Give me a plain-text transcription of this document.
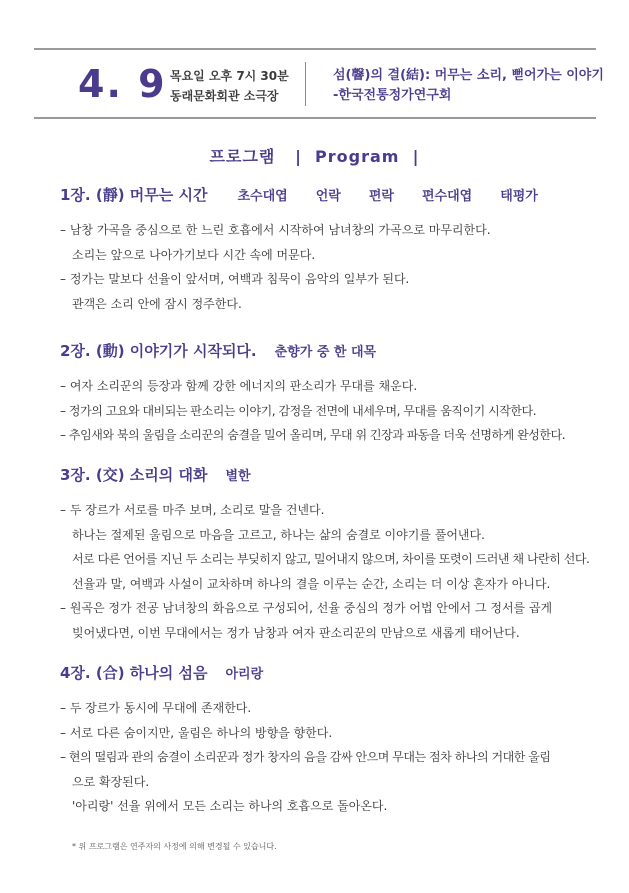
4. 9 목요일 오후 7시 30분
동래문화회관 소극장
섬(韾)의 결(結): 머무는 소리, 뻗어가는 이야기
-한국전통정가연구회
프로그램   |  Program  |
1장. (靜) 머무는 시간 초수대엽 언락 편락 편수대엽 태평가
– 남창 가곡을 중심으로 한 느린 호흡에서 시작하여 남녀창의 가곡으로 마무리한다.
소리는 앞으로 나아가기보다 시간 속에 머문다.
– 정가는 말보다 선율이 앞서며, 여백과 침묵이 음악의 일부가 된다.
관객은 소리 안에 잠시 정주한다.
2장. (動) 이야기가 시작되다. 춘향가 중 한 대목
– 여자 소리꾼의 등장과 함께 강한 에너지의 판소리가 무대를 채운다.
– 정가의 고요와 대비되는 판소리는 이야기, 감정을 전면에 내세우며, 무대를 움직이기 시작한다.
– 추임새와 북의 울림을 소리꾼의 숨결을 밀어 올리며, 무대 위 긴장과 파동을 더욱 선명하게 완성한다.
3장. (交) 소리의 대화 별한
– 두 장르가 서로를 마주 보며, 소리로 말을 건넨다.
하나는 절제된 울림으로 마음을 고르고, 하나는 삶의 숨결로 이야기를 풀어낸다.
서로 다른 언어를 지닌 두 소리는 부딪히지 않고, 밀어내지 않으며, 차이를 또렷이 드러낸 채 나란히 선다.
선율과 말, 여백과 사설이 교차하며 하나의 결을 이루는 순간, 소리는 더 이상 혼자가 아니다.
– 원곡은 정가 전공 남녀창의 화음으로 구성되어, 선율 중심의 정가 어법 안에서 그 정서를 곱게
빚어냈다면, 이번 무대에서는 정가 남창과 여자 판소리꾼의 만남으로 새롭게 태어난다.
4장. (合) 하나의 섬음 아리랑
– 두 장르가 동시에 무대에 존재한다.
– 서로 다른 숨이지만, 울림은 하나의 방향을 향한다.
– 현의 떨림과 관의 숨결이 소리꾼과 정가 창자의 음을 감싸 안으며 무대는 점차 하나의 거대한 울림
으로 확장된다.
'아리랑' 선율 위에서 모든 소리는 하나의 호흡으로 돌아온다.
* 위 프로그램은 연주자의 사정에 의해 변경될 수 있습니다.
